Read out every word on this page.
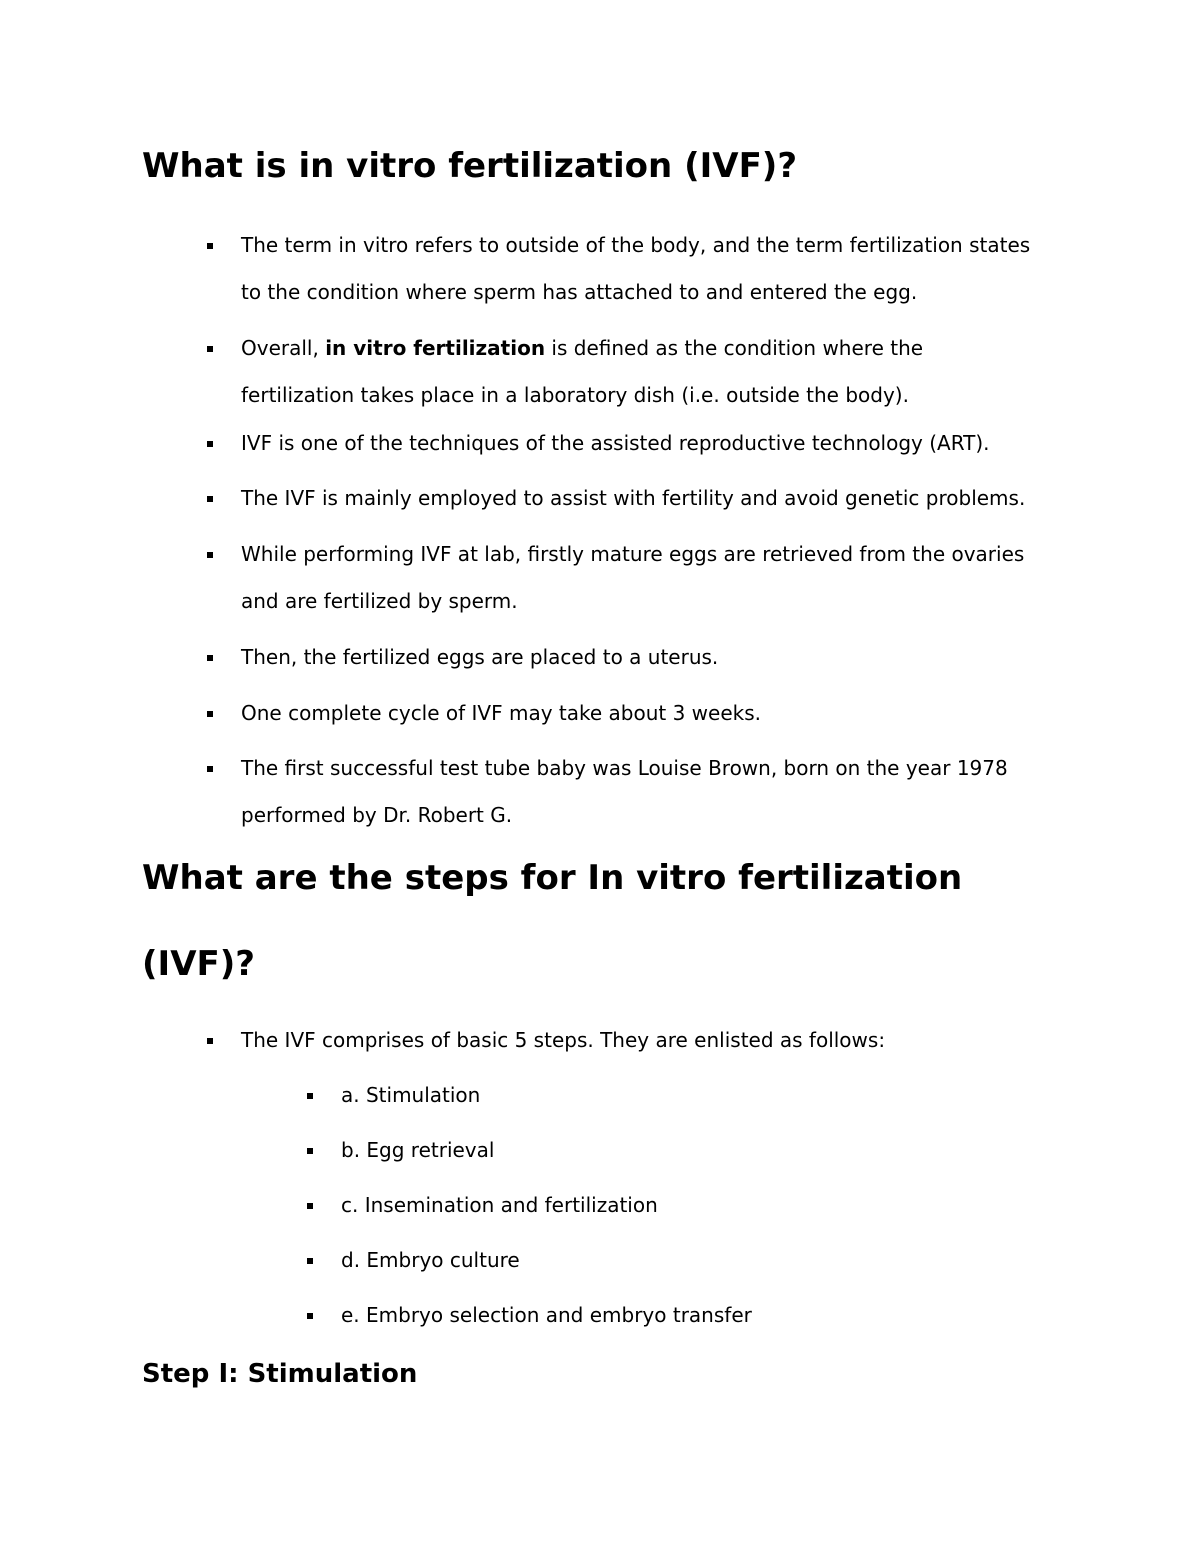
What is in vitro fertilization (IVF)?
The term in vitro refers to outside of the body, and the term fertilization states
to the condition where sperm has attached to and entered the egg.
Overall, in vitro fertilization is defined as the condition where the
fertilization takes place in a laboratory dish (i.e. outside the body).
IVF is one of the techniques of the assisted reproductive technology (ART).
The IVF is mainly employed to assist with fertility and avoid genetic problems.
While performing IVF at lab, firstly mature eggs are retrieved from the ovaries
and are fertilized by sperm.
Then, the fertilized eggs are placed to a uterus.
One complete cycle of IVF may take about 3 weeks.
The first successful test tube baby was Louise Brown, born on the year 1978
performed by Dr. Robert G.
What are the steps for In vitro fertilization
(IVF)?
The IVF comprises of basic 5 steps. They are enlisted as follows:
a. Stimulation
b. Egg retrieval
c. Insemination and fertilization
d. Embryo culture
e. Embryo selection and embryo transfer
Step I: Stimulation
